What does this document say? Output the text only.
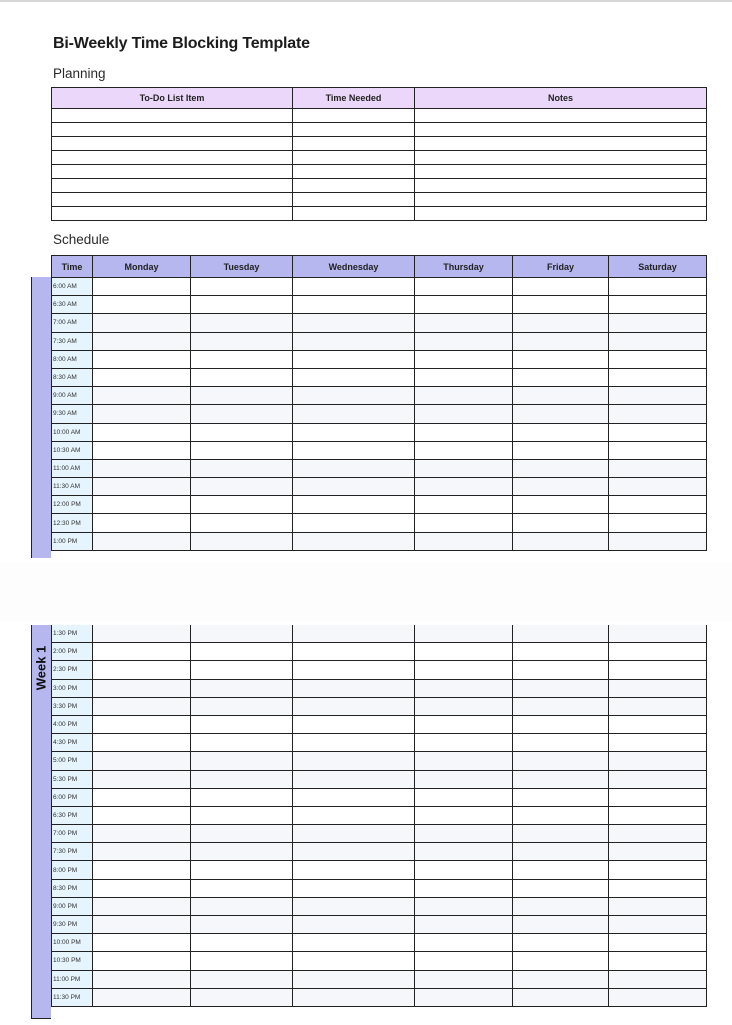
Bi-Weekly Time Blocking Template
Planning
To-Do List Item	Time Needed	Notes

Schedule
Week 1
Time	Monday	Tuesday	Wednesday	Thursday	Friday	Saturday
6:00 AM						
6:30 AM						
7:00 AM						
7:30 AM						
8:00 AM						
8:30 AM						
9:00 AM						
9:30 AM						
10:00 AM						
10:30 AM						
11:00 AM						
11:30 AM						
12:00 PM						
12:30 PM						
1:00 PM						
1:30 PM						
2:00 PM						
2:30 PM						
3:00 PM						
3:30 PM						
4:00 PM						
4:30 PM						
5:00 PM						
5:30 PM						
6:00 PM						
6:30 PM						
7:00 PM						
7:30 PM						
8:00 PM						
8:30 PM						
9:00 PM						
9:30 PM						
10:00 PM						
10:30 PM						
11:00 PM						
11:30 PM						
